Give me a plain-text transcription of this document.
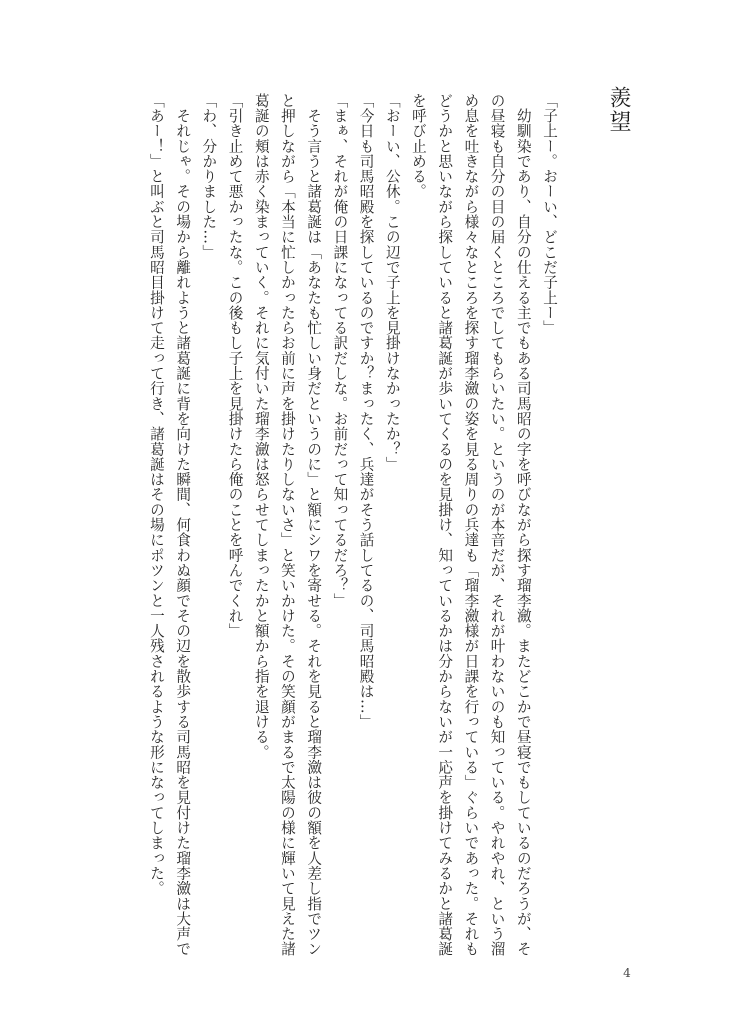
羨望

「子上ー。おーい、どこだ子上ー」

　幼馴染であり、自分の仕える主でもある司馬昭の字を呼びながら探す瑠李瀲。またどこかで昼寝でもしているのだろうが、その昼寝も自分の目の届くところでしてもらいたい。というのが本音だが、それが叶わないのも知っている。やれやれ、という溜め息を吐きながら様々なところを探す瑠李瀲の姿を見る周りの兵達も「瑠李瀲様が日課を行っている」ぐらいであった。それもどうかと思いながら探していると諸葛誕が歩いてくるのを見掛け、知っているかは分からないが一応声を掛けてみるかと諸葛誕を呼び止める。

「おーい、公休。この辺で子上を見掛けなかったか？」

「今日も司馬昭殿を探しているのですか？まったく、兵達がそう話してるの、司馬昭殿は…」

「まぁ、それが俺の日課になってる訳だしな。お前だって知ってるだろ？」

　そう言うと諸葛誕は「あなたも忙しい身だというのに」と額にシワを寄せる。それを見ると瑠李瀲は彼の額を人差し指でツンと押しながら「本当に忙しかったらお前に声を掛けたりしないさ」と笑いかけた。その笑顔がまるで太陽の様に輝いて見えた諸葛誕の頬は赤く染まっていく。それに気付いた瑠李瀲は怒らせてしまったかと額から指を退ける。

「引き止めて悪かったな。この後もし子上を見掛けたら俺のことを呼んでくれ」

「わ、分かりました…」

　それじゃ。その場から離れようと諸葛誕に背を向けた瞬間、何食わぬ顔でその辺を散歩する司馬昭を見付けた瑠李瀲は大声で「あー！」と叫ぶと司馬昭目掛けて走って行き、諸葛誕はその場にポツンと一人残されるような形になってしまった。

4
